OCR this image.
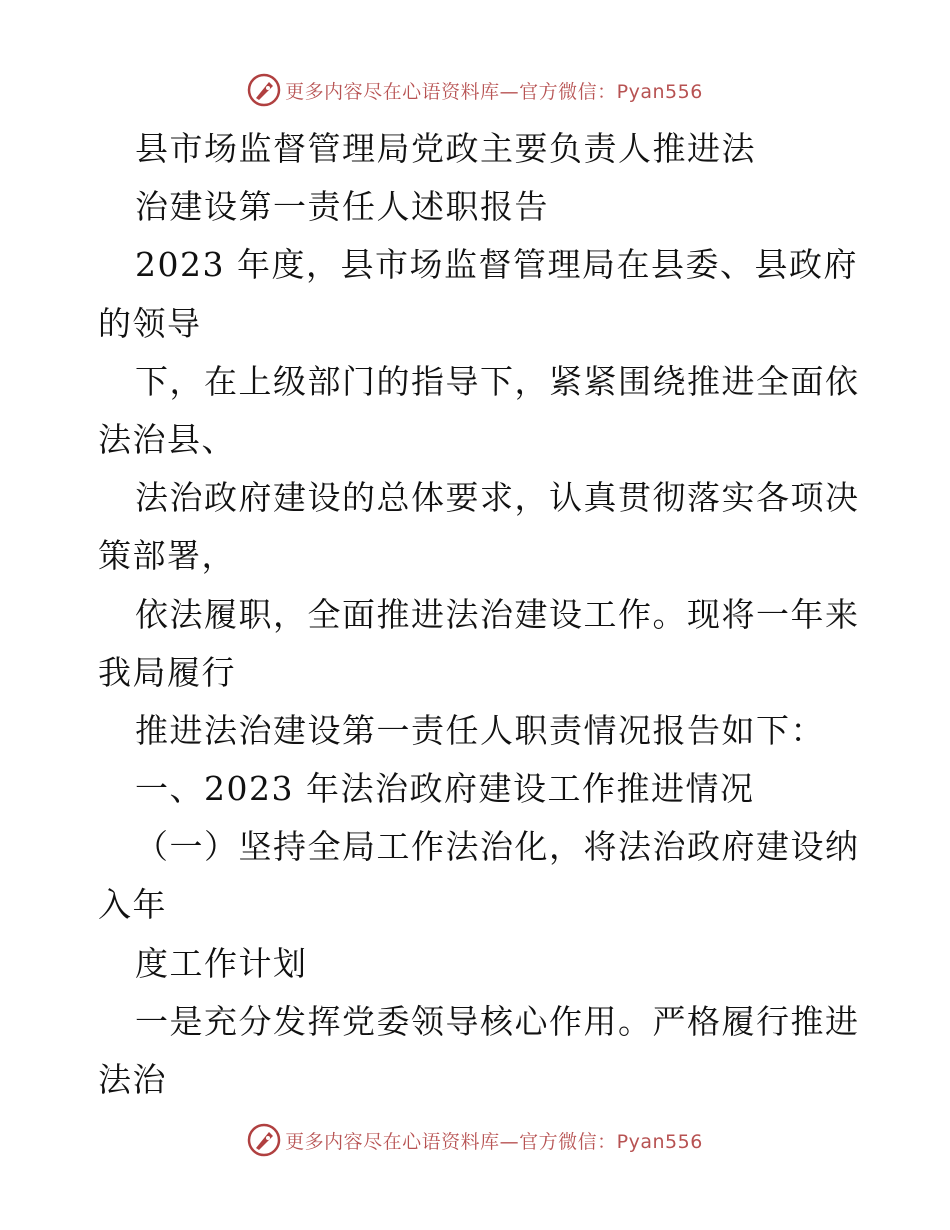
更多内容尽在心语资料库—官方微信：Pyan556
县市场监督管理局党政主要负责人推进法
治建设第一责任人述职报告
2023 年度，县市场监督管理局在县委、县政府
的领导
下，在上级部门的指导下，紧紧围绕推进全面依
法治县、
法治政府建设的总体要求，认真贯彻落实各项决
策部署，
依法履职，全面推进法治建设工作。现将一年来
我局履行
推进法治建设第一责任人职责情况报告如下：
一、2023 年法治政府建设工作推进情况
（一）坚持全局工作法治化，将法治政府建设纳
入年
度工作计划
一是充分发挥党委领导核心作用。严格履行推进
法治
更多内容尽在心语资料库—官方微信：Pyan556
